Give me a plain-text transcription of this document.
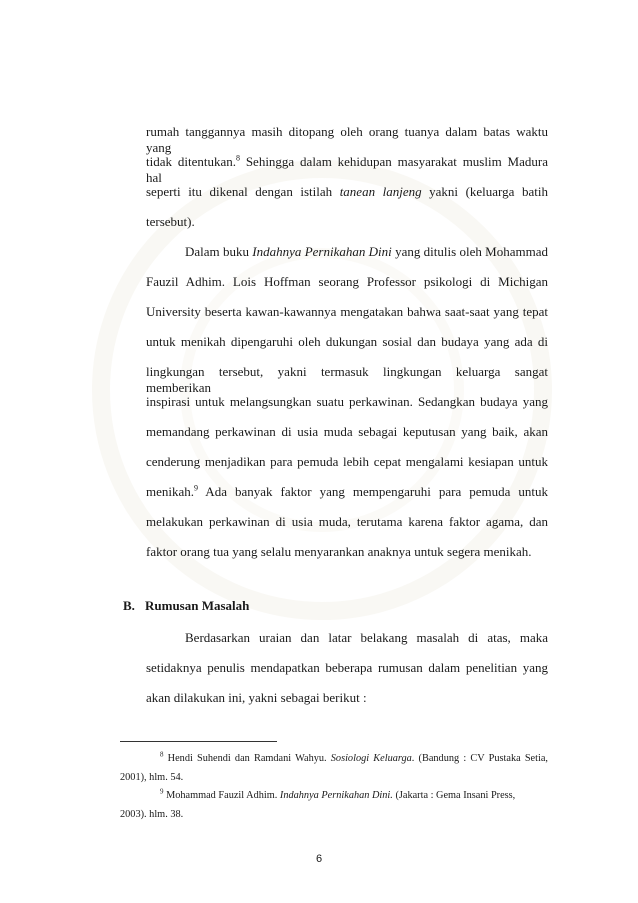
rumah tanggannya masih ditopang oleh orang tuanya dalam batas waktu yang
tidak ditentukan.$^8$ Sehingga dalam kehidupan masyarakat muslim Madura hal
seperti itu dikenal dengan istilah tanean lanjeng yakni (keluarga batih
tersebut).
Dalam buku Indahnya Pernikahan Dini yang ditulis oleh Mohammad
Fauzil Adhim. Lois Hoffman seorang Professor psikologi di Michigan
University beserta kawan-kawannya mengatakan bahwa saat-saat yang tepat
untuk menikah dipengaruhi oleh dukungan sosial dan budaya yang ada di
lingkungan tersebut, yakni termasuk lingkungan keluarga sangat memberikan
inspirasi untuk melangsungkan suatu perkawinan. Sedangkan budaya yang
memandang perkawinan di usia muda sebagai keputusan yang baik, akan
cenderung menjadikan para pemuda lebih cepat mengalami kesiapan untuk
menikah.$^9$ Ada banyak faktor yang mempengaruhi para pemuda untuk
melakukan perkawinan di usia muda, terutama karena faktor agama, dan
faktor orang tua yang selalu menyarankan anaknya untuk segera menikah.
B. Rumusan Masalah
Berdasarkan uraian dan latar belakang masalah di atas, maka
setidaknya penulis mendapatkan beberapa rumusan dalam penelitian yang
akan dilakukan ini, yakni sebagai berikut :
$^8$ Hendi Suhendi dan Ramdani Wahyu. Sosiologi Keluarga. (Bandung : CV Pustaka Setia,
2001), hlm. 54.
$^9$ Mohammad Fauzil Adhim. Indahnya Pernikahan Dini. (Jakarta : Gema Insani Press,
2003). hlm. 38.
6
